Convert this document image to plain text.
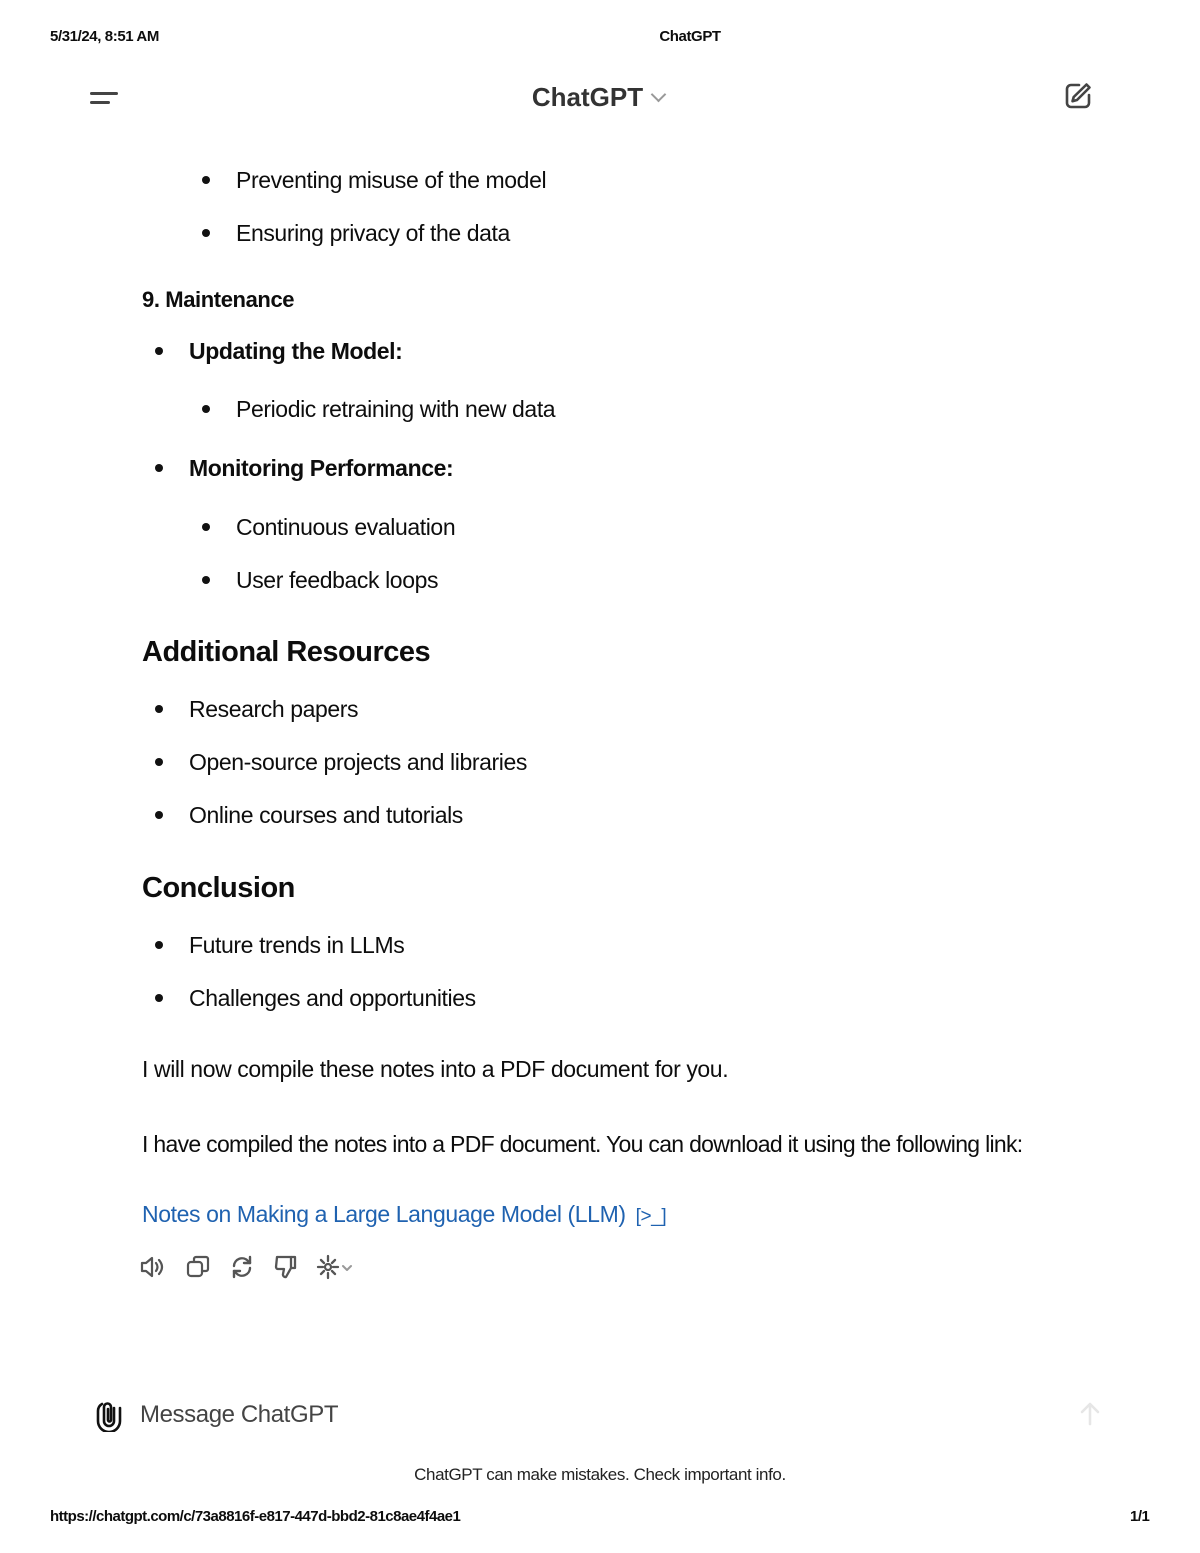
5/31/24, 8:51 AM	ChatGPT
ChatGPT
Preventing misuse of the model
Ensuring privacy of the data
9. Maintenance
Updating the Model:
Periodic retraining with new data
Monitoring Performance:
Continuous evaluation
User feedback loops
Additional Resources
Research papers
Open-source projects and libraries
Online courses and tutorials
Conclusion
Future trends in LLMs
Challenges and opportunities
I will now compile these notes into a PDF document for you.
I have compiled the notes into a PDF document. You can download it using the following link:
Notes on Making a Large Language Model (LLM) [>_]
Message ChatGPT
ChatGPT can make mistakes. Check important info.
https://chatgpt.com/c/73a8816f-e817-447d-bbd2-81c8ae4f4ae1	1/1
